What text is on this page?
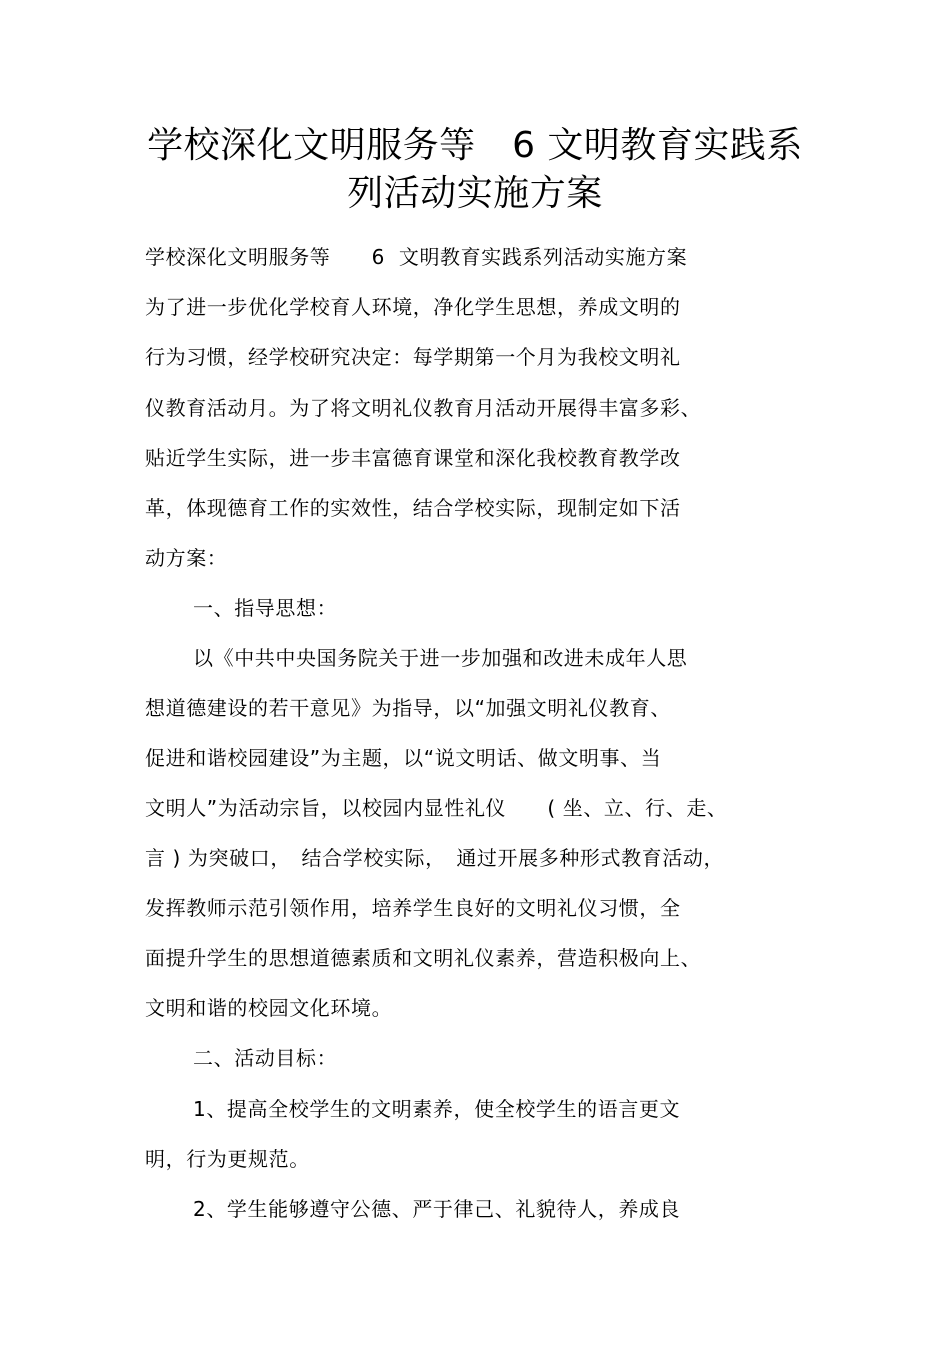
学校深化文明服务等　6 文明教育实践系
列活动实施方案
学校深化文明服务等　　6  文明教育实践系列活动实施方案
为了进一步优化学校育人环境，净化学生思想，养成文明的
行为习惯，经学校研究决定：每学期第一个月为我校文明礼
仪教育活动月。为了将文明礼仪教育月活动开展得丰富多彩、
贴近学生实际，进一步丰富德育课堂和深化我校教育教学改
革，体现德育工作的实效性，结合学校实际，现制定如下活
动方案：
一、指导思想：
以《中共中央国务院关于进一步加强和改进未成年人思
想道德建设的若干意见》为指导，以“加强文明礼仪教育、
促进和谐校园建设”为主题，以“说文明话、做文明事、当
文明人”为活动宗旨，以校园内显性礼仪　　( 坐、立、行、走、
言 ) 为突破口，　结合学校实际，　通过开展多种形式教育活动，
发挥教师示范引领作用，培养学生良好的文明礼仪习惯，全
面提升学生的思想道德素质和文明礼仪素养，营造积极向上、
文明和谐的校园文化环境。
二、活动目标：
1、提高全校学生的文明素养，使全校学生的语言更文
明，行为更规范。
2、学生能够遵守公德、严于律己、礼貌待人，养成良
